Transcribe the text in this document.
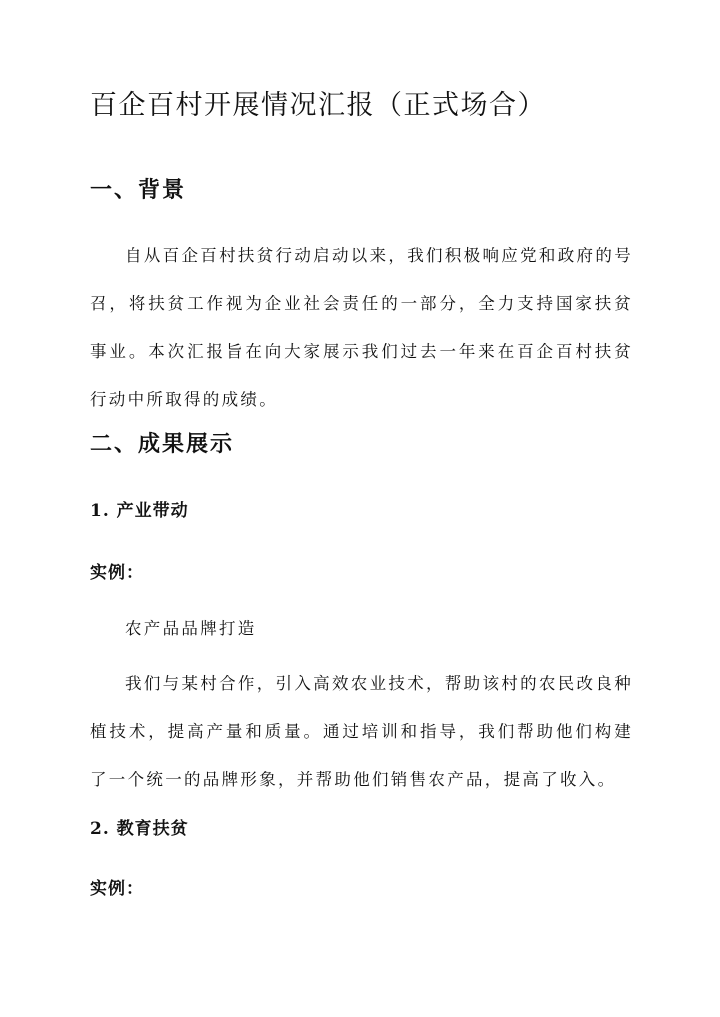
百企百村开展情况汇报（正式场合）
一、背景

自从百企百村扶贫行动启动以来，我们积极响应党和政府的号召，将扶贫工作视为企业社会责任的一部分，全力支持国家扶贫事业。本次汇报旨在向大家展示我们过去一年来在百企百村扶贫行动中所取得的成绩。

二、成果展示
1. 产业带动
实例：

农产品品牌打造

我们与某村合作，引入高效农业技术，帮助该村的农民改良种植技术，提高产量和质量。通过培训和指导，我们帮助他们构建了一个统一的品牌形象，并帮助他们销售农产品，提高了收入。

2. 教育扶贫
实例：
